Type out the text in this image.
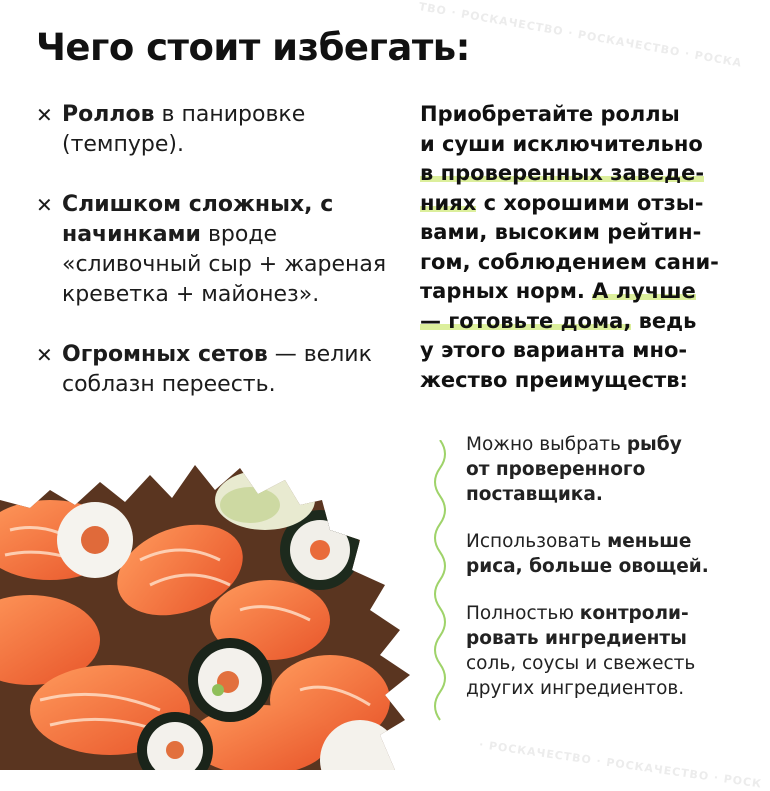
ТВО · РОСКАЧЕСТВО · РОСКАЧЕСТВО · РОСКА
· РОСКАЧЕСТВО · РОСКАЧЕСТВО · РОСК
Чего стоит избегать:
✕ Роллов в панировке (темпуре).
✕ Слишком сложных, с начинками вроде «сливочный сыр + жареная креветка + майонез».
✕ Огромных сетов — велик соблазн переесть.
Приобретайте роллы
и суши исключительно
в проверенных заведе-
ниях с хорошими отзы-
вами, высоким рейтин-
гом, соблюдением сани-
тарных норм. А лучше
— готовьте дома, ведь
у этого варианта мно-
жество преимуществ:
Можно выбрать рыбу
от проверенного
поставщика.
Использовать меньше
риса, больше овощей.
Полностью контроли-
ровать ингредиенты
соль, соусы и свежесть
других ингредиентов.
